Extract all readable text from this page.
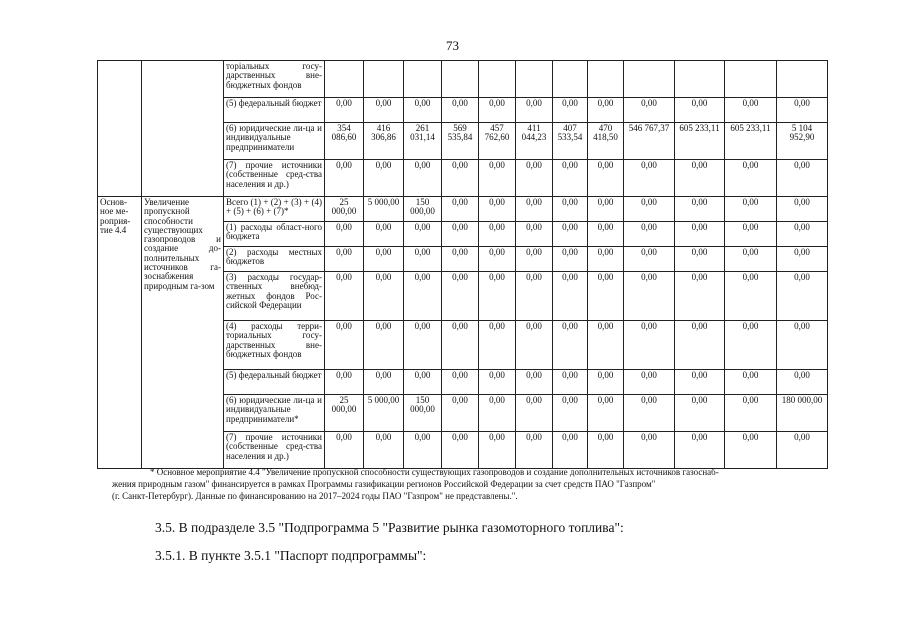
73
		торіальных госу-дарственных вне-бюджетных фондов												
		(5) федеральный бюджет	0,00	0,00	0,00	0,00	0,00	0,00	0,00	0,00	0,00	0,00	0,00	0,00
		(6) юридические ли-ца и индивидуальные предприниматели	354 086,60	416 306,86	261 031,14	569 535,84	457 762,60	411 044,23	407 533,54	470 418,50	546 767,37	605 233,11	605 233,11	5 104 952,90
		(7) прочие источники (собственные сред-ства населения и др.)	0,00	0,00	0,00	0,00	0,00	0,00	0,00	0,00	0,00	0,00	0,00	0,00
Основ-ное ме-роприя-тие 4.4	Увеличение пропускной способности существующих газопроводов и создание до-полнительных источников га-зоснабжения природным га-зом	Всего (1) + (2) + (3) + (4) + (5) + (6) + (7)*	25 000,00	5 000,00	150 000,00	0,00	0,00	0,00	0,00	0,00	0,00	0,00	0,00	0,00
		(1) расходы област-ного бюджета	0,00	0,00	0,00	0,00	0,00	0,00	0,00	0,00	0,00	0,00	0,00	0,00
		(2) расходы местных бюджетов	0,00	0,00	0,00	0,00	0,00	0,00	0,00	0,00	0,00	0,00	0,00	0,00
		(3) расходы государ-ственных внебюд-жетных фондов Рос-сийской Федерации	0,00	0,00	0,00	0,00	0,00	0,00	0,00	0,00	0,00	0,00	0,00	0,00
		(4) расходы терри-ториальных госу-дарственных вне-бюджетных фондов	0,00	0,00	0,00	0,00	0,00	0,00	0,00	0,00	0,00	0,00	0,00	0,00
		(5) федеральный бюджет	0,00	0,00	0,00	0,00	0,00	0,00	0,00	0,00	0,00	0,00	0,00	0,00
		(6) юридические ли-ца и индивидуальные предприниматели*	25 000,00	5 000,00	150 000,00	0,00	0,00	0,00	0,00	0,00	0,00	0,00	0,00	180 000,00
		(7) прочие источники (собственные сред-ства населения и др.)	0,00	0,00	0,00	0,00	0,00	0,00	0,00	0,00	0,00	0,00	0,00	0,00
* Основное мероприятие 4.4 "Увеличение пропускной способности существующих газопроводов и создание дополнительных источников газоснаб-
жения природным газом" финансируется в рамках Программы газификации регионов Российской Федерации за счет средств ПАО "Газпром"
(г. Санкт-Петербург). Данные по финансированию на 2017–2024 годы ПАО "Газпром" не представлены.".
3.5. В подразделе 3.5 "Подпрограмма 5 "Развитие рынка газомоторного топлива":
3.5.1. В пункте 3.5.1 "Паспорт подпрограммы":
